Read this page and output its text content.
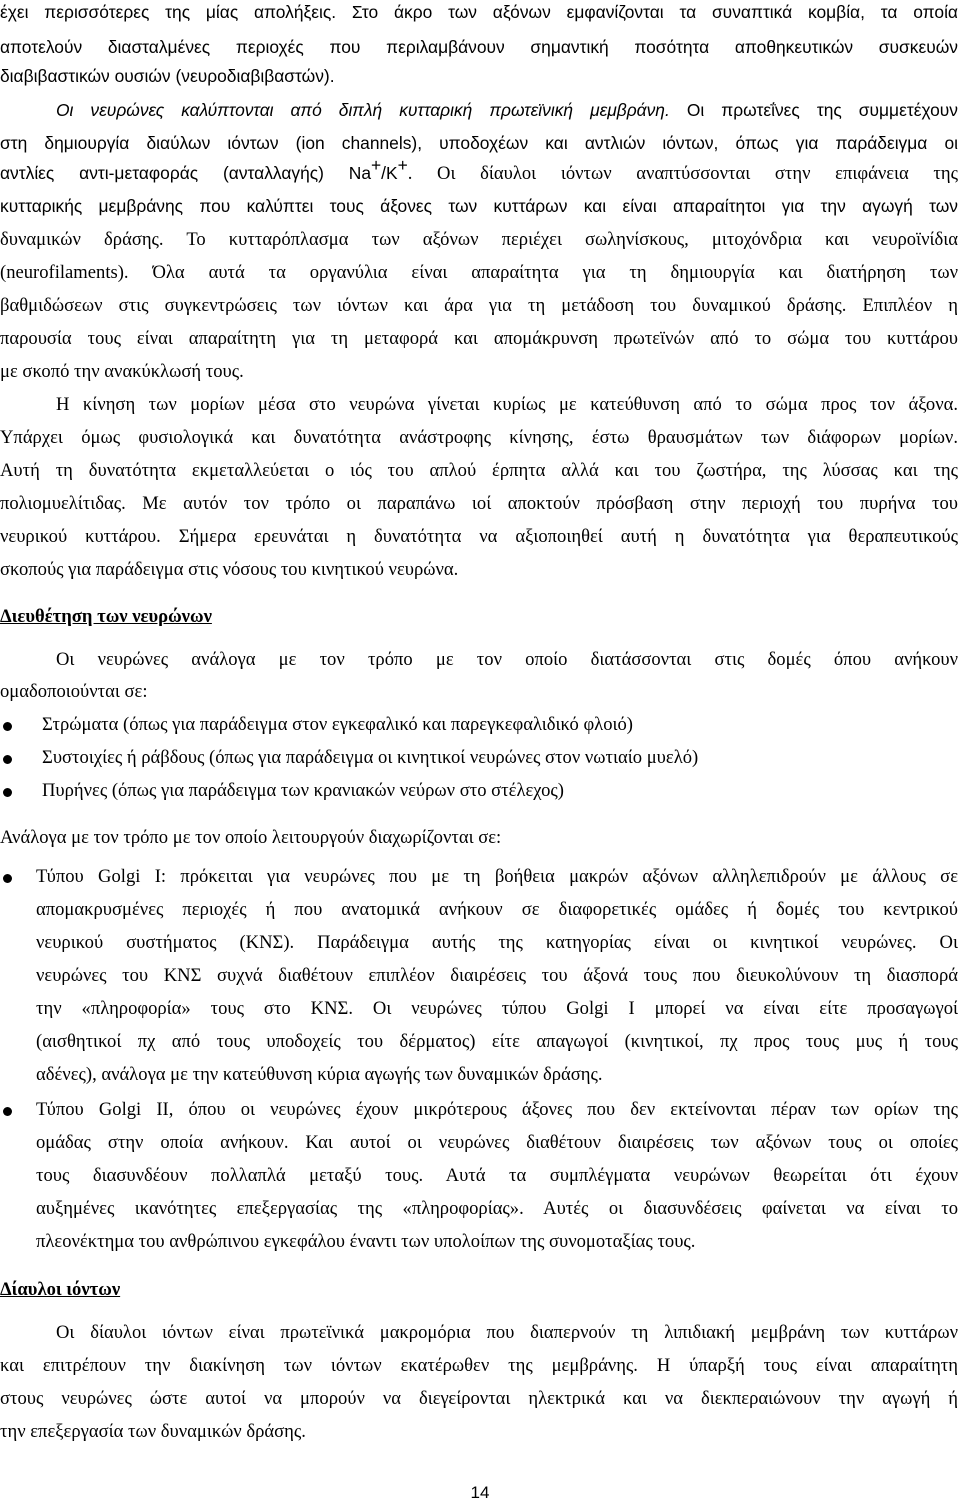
έχει περισσότερες της μίας απολήξεις. Στο άκρο των αξόνων εμφανίζονται τα συναπτικά κομβία, τα οποία

αποτελούν διασταλμένες περιοχές που περιλαμβάνουν σημαντική ποσότητα αποθηκευτικών συσκευών

διαβιβαστικών ουσιών (νευροδιαβιβαστών).

Οι νευρώνες καλύπτονται από διπλή κυτταρική πρωτεϊνική μεμβράνη. Οι πρωτεΐνες της συμμετέχουν

στη δημιουργία διαύλων ιόντων (ion channels), υποδοχέων και αντλιών ιόντων, όπως για παράδειγμα οι

αντλίες αντι-μεταφοράς (ανταλλαγής) Na+/K+. Οι δίαυλοι ιόντων αναπτύσσονται στην επιφάνεια της

κυτταρικής μεμβράνης που καλύπτει τους άξονες των κυττάρων και είναι απαραίτητοι για την αγωγή των

δυναμικών δράσης. Το κυτταρόπλασμα των αξόνων περιέχει σωληνίσκους, μιτοχόνδρια και νευροϊνίδια

(neurofilaments). Όλα αυτά τα οργανύλια είναι απαραίτητα για τη δημιουργία και διατήρηση των

βαθμιδώσεων στις συγκεντρώσεις των ιόντων και άρα για τη μετάδοση του δυναμικού δράσης. Επιπλέον η

παρουσία τους είναι απαραίτητη για τη μεταφορά και απομάκρυνση πρωτεϊνών από το σώμα του κυττάρου

με σκοπό την ανακύκλωσή τους.

Η κίνηση των μορίων μέσα στο νευρώνα γίνεται κυρίως με κατεύθυνση από το σώμα προς τον άξονα.

Υπάρχει όμως φυσιολογικά και δυνατότητα ανάστροφης κίνησης, έστω θραυσμάτων των διάφορων μορίων.

Αυτή τη δυνατότητα εκμεταλλεύεται ο ιός του απλού έρπητα αλλά και του ζωστήρα, της λύσσας και της

πολιομυελίτιδας. Με αυτόν τον τρόπο οι παραπάνω ιοί αποκτούν πρόσβαση στην περιοχή του πυρήνα του

νευρικού κυττάρου. Σήμερα ερευνάται η δυνατότητα να αξιοποιηθεί αυτή η δυνατότητα για θεραπευτικούς

σκοπούς για παράδειγμα στις νόσους του κινητικού νευρώνα.

Διευθέτηση των νευρώνων

Οι νευρώνες ανάλογα με τον τρόπο με τον οποίο διατάσσονται στις δομές όπου ανήκουν

ομαδοποιούνται σε:

Στρώματα (όπως για παράδειγμα στον εγκεφαλικό και παρεγκεφαλιδικό φλοιό)

Συστοιχίες ή ράβδους (όπως για παράδειγμα οι κινητικοί νευρώνες στον νωτιαίο μυελό)

Πυρήνες (όπως για παράδειγμα των κρανιακών νεύρων στο στέλεχος)

Ανάλογα με τον τρόπο με τον οποίο λειτουργούν διαχωρίζονται σε:

Τύπου Golgi I: πρόκειται για νευρώνες που με τη βοήθεια μακρών αξόνων αλληλεπιδρούν με άλλους σε

απομακρυσμένες περιοχές ή που ανατομικά ανήκουν σε διαφορετικές ομάδες ή δομές του κεντρικού

νευρικού συστήματος (ΚΝΣ). Παράδειγμα αυτής της κατηγορίας είναι οι κινητικοί νευρώνες. Οι

νευρώνες του ΚΝΣ συχνά διαθέτουν επιπλέον διαιρέσεις του άξονά τους που διευκολύνουν τη διασπορά

την «πληροφορία» τους στο ΚΝΣ. Οι νευρώνες τύπου Golgi I μπορεί να είναι είτε προσαγωγοί

(αισθητικοί πχ από τους υποδοχείς του δέρματος) είτε απαγωγοί (κινητικοί, πχ προς τους μυς ή τους

αδένες), ανάλογα με την κατεύθυνση κύρια αγωγής των δυναμικών δράσης.

Τύπου Golgi II, όπου οι νευρώνες έχουν μικρότερους άξονες που δεν εκτείνονται πέραν των ορίων της

ομάδας στην οποία ανήκουν. Και αυτοί οι νευρώνες διαθέτουν διαιρέσεις των αξόνων τους οι οποίες

τους διασυνδέουν πολλαπλά μεταξύ τους. Αυτά τα συμπλέγματα νευρώνων θεωρείται ότι έχουν

αυξημένες ικανότητες επεξεργασίας της «πληροφορίας». Αυτές οι διασυνδέσεις φαίνεται να είναι το

πλεονέκτημα του ανθρώπινου εγκεφάλου έναντι των υπολοίπων της συνομοταξίας τους.

Δίαυλοι ιόντων

Οι δίαυλοι ιόντων είναι πρωτεϊνικά μακρομόρια που διαπερνούν τη λιπιδιακή μεμβράνη των κυττάρων

και επιτρέπουν την διακίνηση των ιόντων εκατέρωθεν της μεμβράνης. Η ύπαρξή τους είναι απαραίτητη

στους νευρώνες ώστε αυτοί να μπορούν να διεγείρονται ηλεκτρικά και να διεκπεραιώνουν την αγωγή ή

την επεξεργασία των δυναμικών δράσης.

14
